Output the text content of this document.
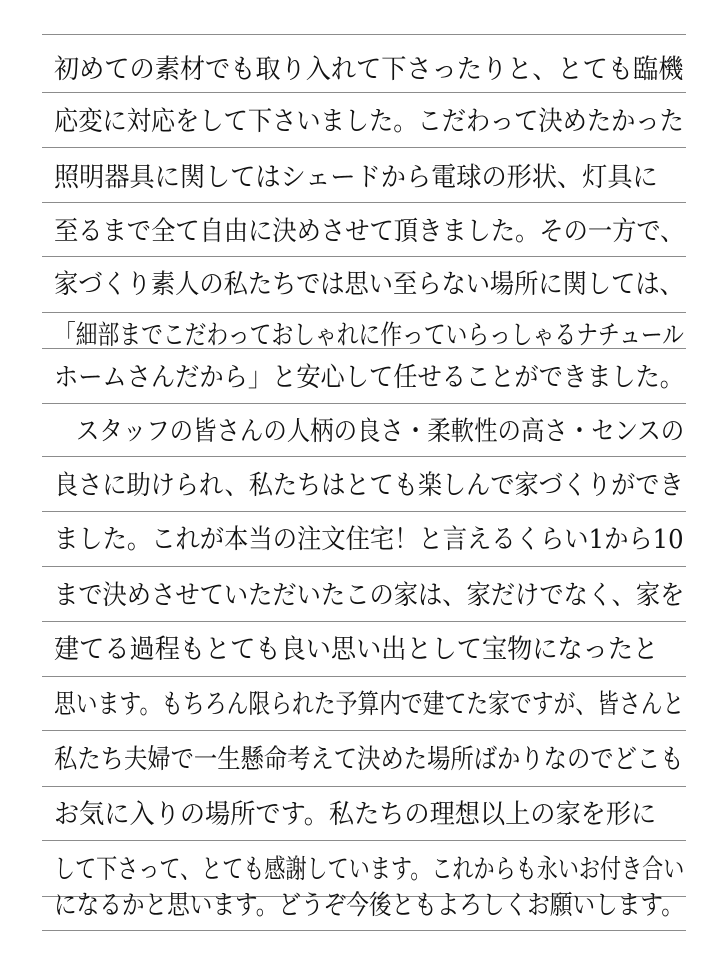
初めての素材でも取り入れて下さったりと、とても臨機
応変に対応をして下さいました。こだわって決めたかった
照明器具に関してはシェードから電球の形状、灯具に
至るまで全て自由に決めさせて頂きました。その一方で、
家づくり素人の私たちでは思い至らない場所に関しては、
「細部までこだわっておしゃれに作っていらっしゃるナチュール
ホームさんだから」と安心して任せることができました。
スタッフの皆さんの人柄の良さ・柔軟性の高さ・センスの
良さに助けられ、私たちはとても楽しんで家づくりができ
ました。これが本当の注文住宅！と言えるくらい1から10
まで決めさせていただいたこの家は、家だけでなく、家を
建てる過程もとても良い思い出として宝物になったと
思います。もちろん限られた予算内で建てた家ですが、皆さんと
私たち夫婦で一生懸命考えて決めた場所ばかりなのでどこも
お気に入りの場所です。私たちの理想以上の家を形に
して下さって、とても感謝しています。これからも永いお付き合い
になるかと思います。どうぞ今後ともよろしくお願いします。
